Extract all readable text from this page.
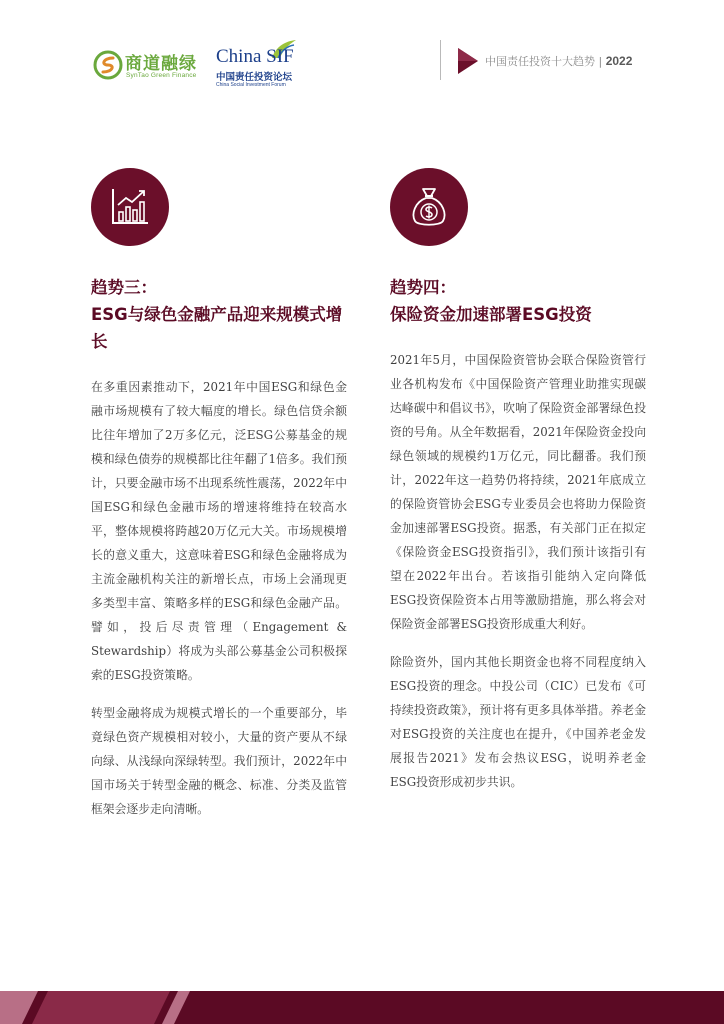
商道融绿
SynTao Green Finance
China SIF
中国责任投资论坛
China Social Investment Forum
中国责任投资十大趋势 | 2022
趋势三：
ESG与绿色金融产品迎来规模式增长
在多重因素推动下，2021年中国ESG和绿色金融市场规模有了较大幅度的增长。绿色信贷余额比往年增加了2万多亿元，泛ESG公募基金的规模和绿色债券的规模都比往年翻了1倍多。我们预计，只要金融市场不出现系统性震荡，2022年中国ESG和绿色金融市场的增速将维持在较高水平，整体规模将跨越20万亿元大关。市场规模增长的意义重大，这意味着ESG和绿色金融将成为主流金融机构关注的新增长点，市场上会涌现更多类型丰富、策略多样的ESG和绿色金融产品。譬如，投后尽责管理（Engagement & Stewardship）将成为头部公募基金公司积极探索的ESG投资策略。
转型金融将成为规模式增长的一个重要部分，毕竟绿色资产规模相对较小，大量的资产要从不绿向绿、从浅绿向深绿转型。我们预计，2022年中国市场关于转型金融的概念、标准、分类及监管框架会逐步走向清晰。
趋势四：
保险资金加速部署ESG投资
2021年5月，中国保险资管协会联合保险资管行业各机构发布《中国保险资产管理业助推实现碳达峰碳中和倡议书》，吹响了保险资金部署绿色投资的号角。从全年数据看，2021年保险资金投向绿色领域的规模约1万亿元，同比翻番。我们预计，2022年这一趋势仍将持续，2021年底成立的保险资管协会ESG专业委员会也将助力保险资金加速部署ESG投资。据悉，有关部门正在拟定《保险资金ESG投资指引》，我们预计该指引有望在2022年出台。若该指引能纳入定向降低ESG投资保险资本占用等激励措施，那么将会对保险资金部署ESG投资形成重大利好。
除险资外，国内其他长期资金也将不同程度纳入ESG投资的理念。中投公司（CIC）已发布《可持续投资政策》，预计将有更多具体举措。养老金对ESG投资的关注度也在提升，《中国养老金发展报告2021》发布会热议ESG，说明养老金ESG投资形成初步共识。
